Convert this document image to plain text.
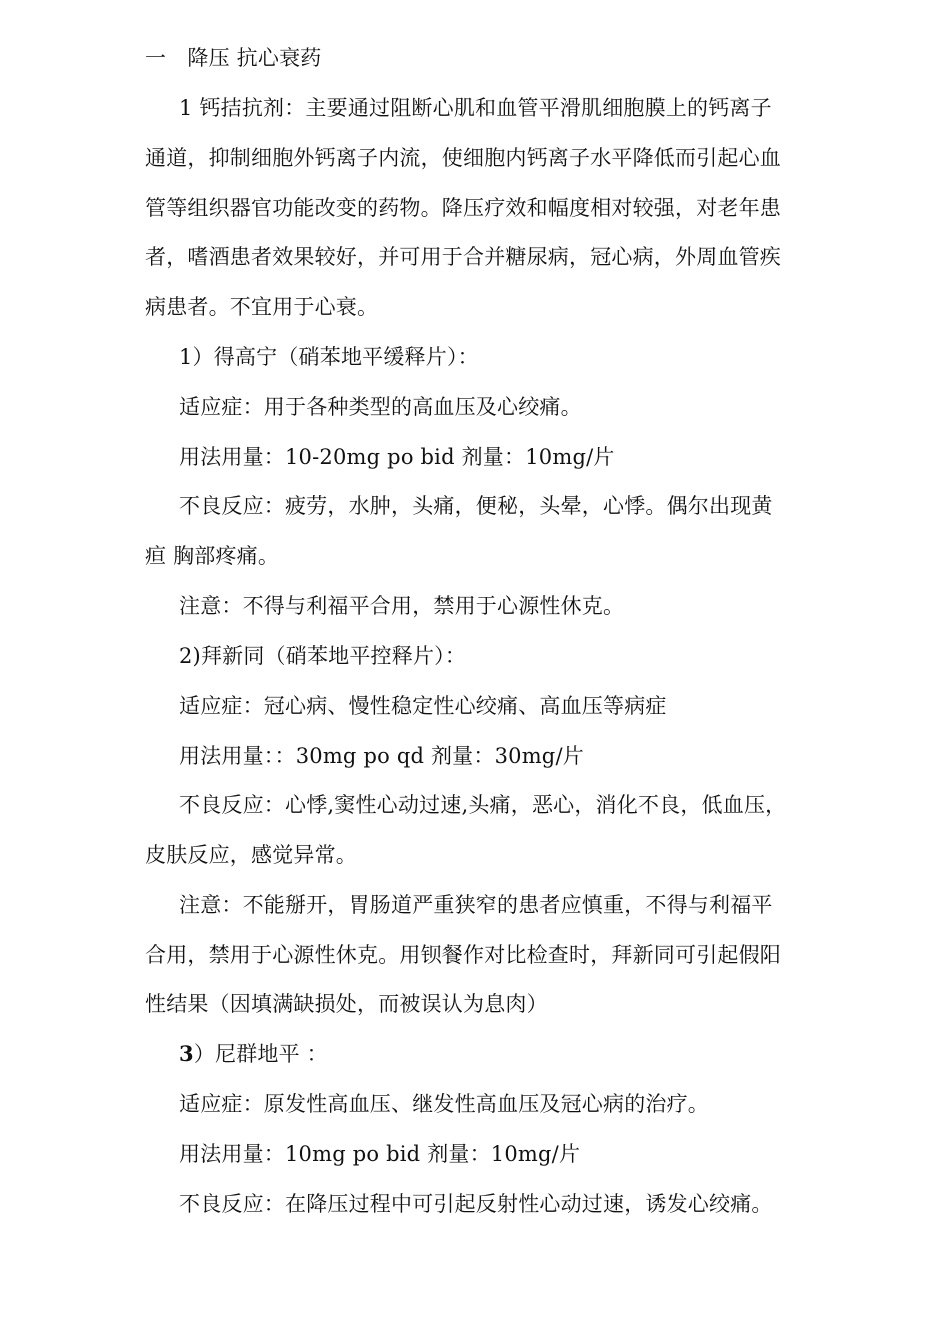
一　降压 抗心衰药
1 钙拮抗剂：主要通过阻断心肌和血管平滑肌细胞膜上的钙离子
通道，抑制细胞外钙离子内流，使细胞内钙离子水平降低而引起心血
管等组织器官功能改变的药物。降压疗效和幅度相对较强，对老年患
者，嗜酒患者效果较好，并可用于合并糖尿病，冠心病，外周血管疾
病患者。不宜用于心衰。
1）得高宁（硝苯地平缓释片）：
适应症：用于各种类型的高血压及心绞痛。
用法用量：10-20mg po bid 剂量：10mg/片
不良反应：疲劳，水肿，头痛，便秘，头晕，心悸。偶尔出现黄
疸 胸部疼痛。
注意：不得与利福平合用，禁用于心源性休克。
2)拜新同（硝苯地平控释片）：
适应症：冠心病、慢性稳定性心绞痛、高血压等病症
用法用量：：30mg po qd 剂量：30mg/片
不良反应：心悸,窦性心动过速,头痛，恶心，消化不良，低血压，
皮肤反应，感觉异常。
注意：不能掰开，胃肠道严重狭窄的患者应慎重，不得与利福平
合用，禁用于心源性休克。用钡餐作对比检查时，拜新同可引起假阳
性结果（因填满缺损处，而被误认为息肉）
3）尼群地平 ：
适应症：原发性高血压、继发性高血压及冠心病的治疗。
用法用量：10mg po bid 剂量：10mg/片
不良反应：在降压过程中可引起反射性心动过速，诱发心绞痛。
